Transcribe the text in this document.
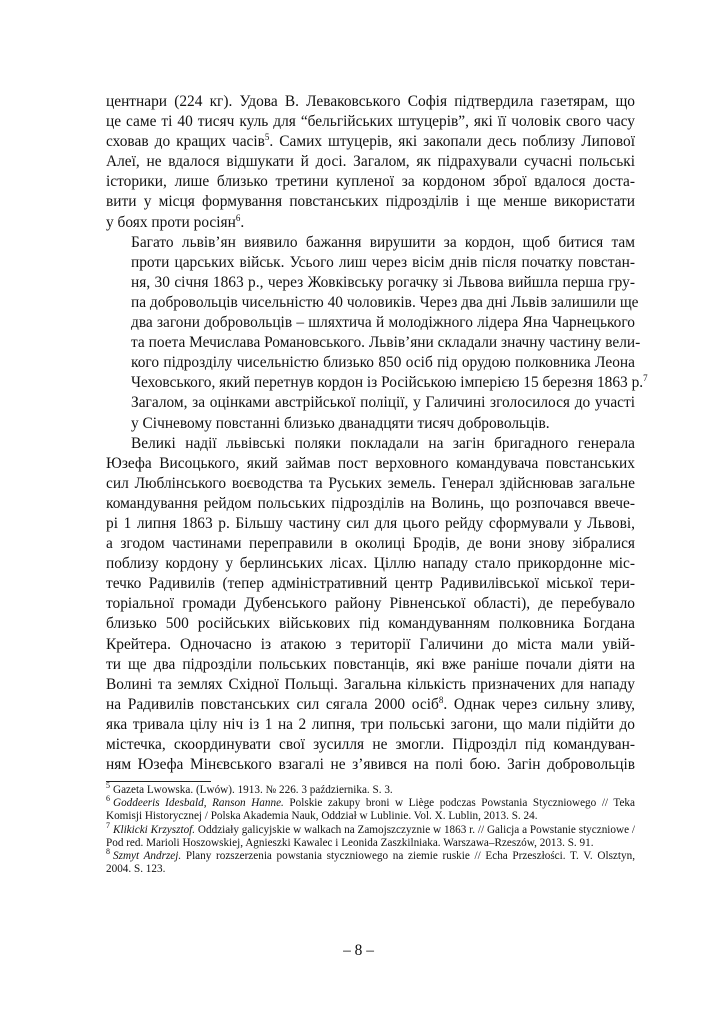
центнари (224 кг). Удова В. Леваковського Софія підтвердила газетярам, що
це саме ті 40 тисяч куль для “бельгійських штуцерів”, які її чоловік свого часу
сховав до кращих часів$^5$. Самих штуцерів, які закопали десь поблизу Липової
Алеї, не вдалося відшукати й досі. Загалом, як підрахували сучасні польські
історики, лише близько третини купленої за кордоном зброї вдалося доста-
вити у місця формування повстанських підрозділів і ще менше використати
у боях проти росіян$^6$.

Багато львів’ян виявило бажання вирушити за кордон, щоб битися там
проти царських військ. Усього лиш через вісім днів після початку повстан-
ня, 30 січня 1863 р., через Жовківську рогачку зі Львова вийшла перша гру-
па добровольців чисельністю 40 чоловиків. Через два дні Львів залишили ще
два загони добровольців – шляхтича й молодіжного лідера Яна Чарнецького
та поета Мечислава Романовського. Львів’яни складали значну частину вели-
кого підрозділу чисельністю близько 850 осіб під орудою полковника Леона
Чеховського, який перетнув кордон із Російською імперією 15 березня 1863 р.$^7$
Загалом, за оцінками австрійської поліції, у Галичині зголосилося до участі
у Січневому повстанні близько дванадцяти тисяч добровольців.

Великі надії львівські поляки покладали на загін бригадного генерала
Юзефа Висоцького, який займав пост верховного командувача повстанських
сил Люблінського воєводства та Руських земель. Генерал здійснював загальне
командування рейдом польських підрозділів на Волинь, що розпочався ввече-
рі 1 липня 1863 р. Більшу частину сил для цього рейду сформували у Львові,
а згодом частинами переправили в околиці Бродів, де вони знову зібралися
поблизу кордону у берлинських лісах. Ціллю нападу стало прикордонне міс-
течко Радивилів (тепер адміністративний центр Радивилівської міської тери-
торіальної громади Дубенського району Рівненської області), де перебувало
близько 500 російських військових під командуванням полковника Богдана
Крейтера. Одночасно із атакою з території Галичини до міста мали увій-
ти ще два підрозділи польських повстанців, які вже раніше почали діяти на
Волині та землях Східної Польщі. Загальна кількість призначених для нападу
на Радивилів повстанських сил сягала 2000 осіб$^8$. Однак через сильну зливу,
яка тривала цілу ніч із 1 на 2 липня, три польські загони, що мали підійти до
містечка, скоординувати свої зусилля не змогли. Підрозділ під командуван-
ням Юзефа Мінєвського взагалі не з’явився на полі бою. Загін добровольців

$^5$ Gazeta Lwowska. (Lwów). 1913. № 226. 3 października. S. 3.

$^6$ Goddeeris Idesbald, Ranson Hanne. Polskie zakupy broni w Liège podczas Powstania Styczniowego // Teka Komisji Historycznej / Polska Akademia Nauk, Oddział w Lublinie. Vol. X. Lublin, 2013. S. 24.

$^7$ Klikicki Krzysztof. Oddziały galicyjskie w walkach na Zamojszczyznie w 1863 r. // Galicja a Powstanie styczniowe / Pod red. Marioli Hoszowskiej, Agnieszki Kawalec i Leonida Zaszkilniaka. Warszawa–Rzeszów, 2013. S. 91.

$^8$ Szmyt Andrzej. Plany rozszerzenia powstania styczniowego na ziemie ruskie // Echa Przeszłości. T. V. Olsztyn, 2004. S. 123.

– 8 –
